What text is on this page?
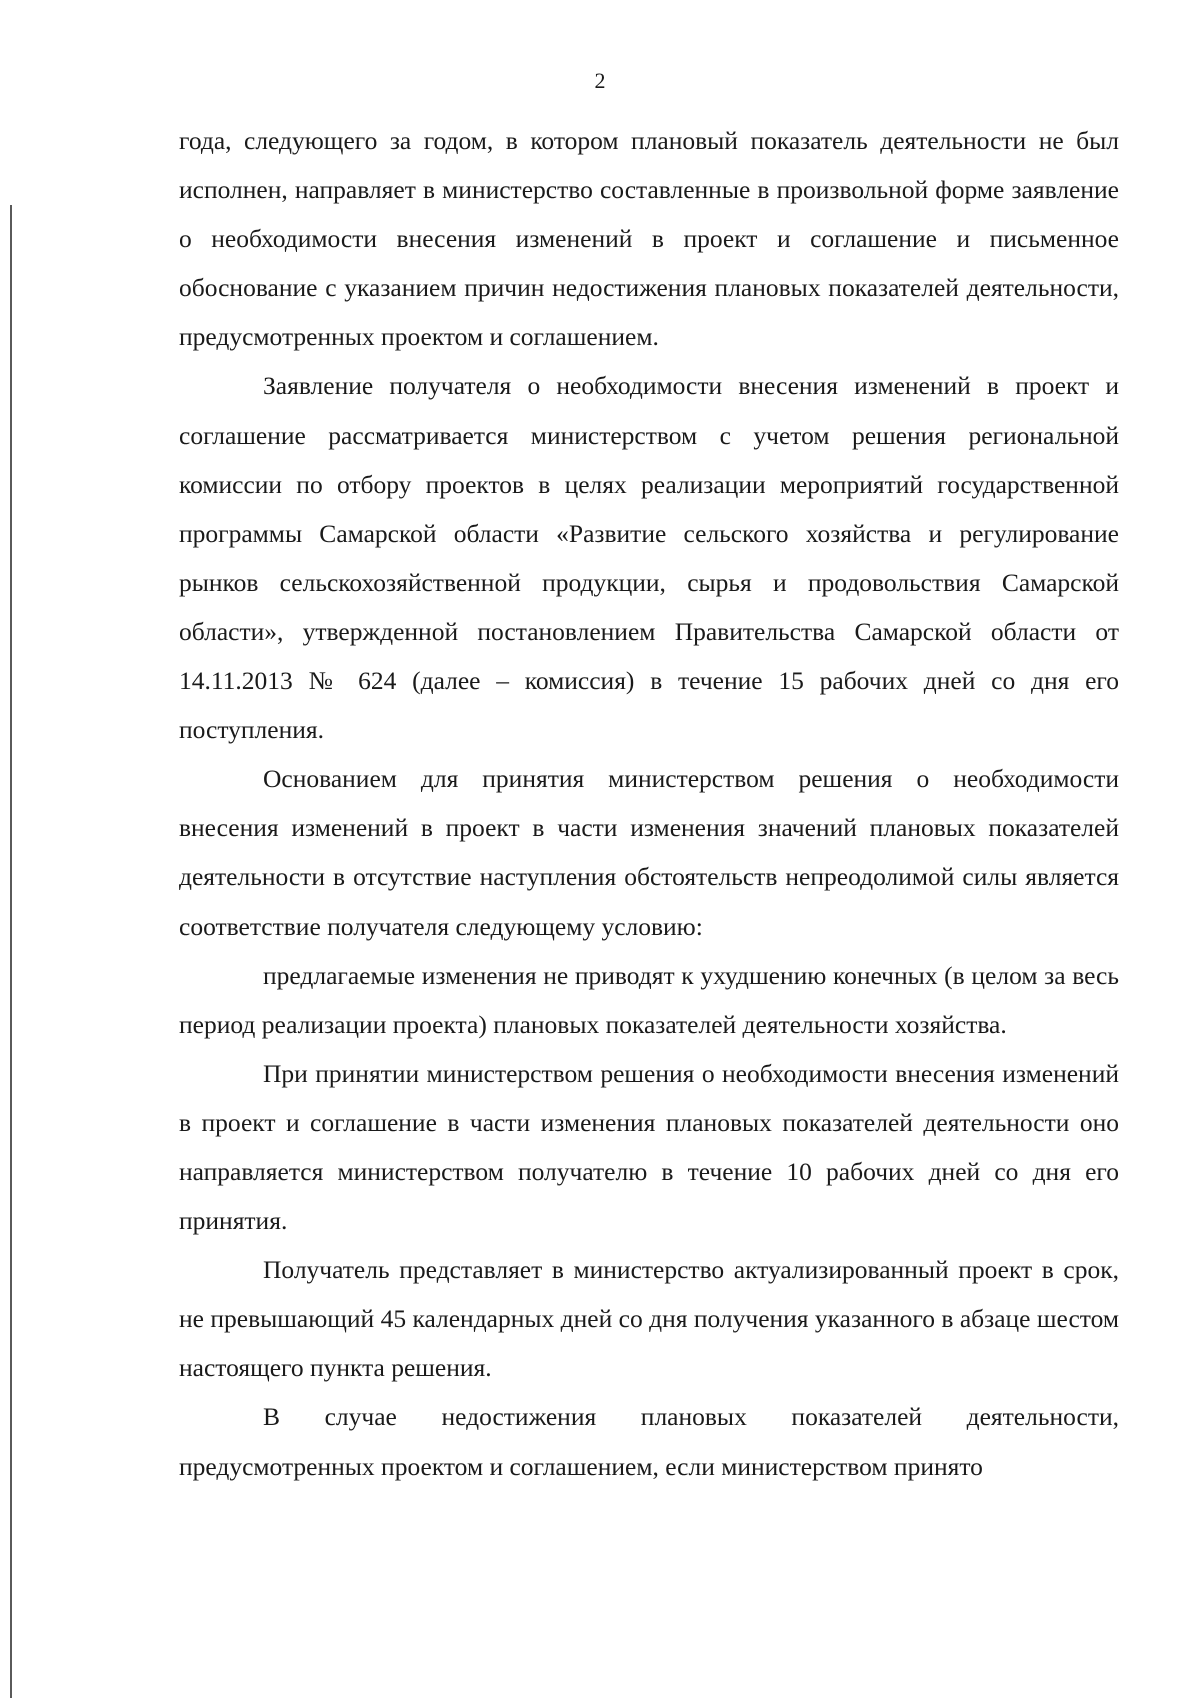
2

года, следующего за годом, в котором плановый показатель деятельности не был исполнен, направляет в министерство составленные в произвольной форме заявление о необходимости внесения изменений в проект и соглашение и письменное обоснование с указанием причин недостижения плановых показателей деятельности, предусмотренных проектом и соглашением.

Заявление получателя о необходимости внесения изменений в проект и соглашение рассматривается министерством с учетом решения региональной комиссии по отбору проектов в целях реализации мероприятий государственной программы Самарской области «Развитие сельского хозяйства и регулирование рынков сельскохозяйственной продукции, сырья и продовольствия Самарской области», утвержденной постановлением Правительства Самарской области от 14.11.2013 № 624 (далее – комиссия) в течение 15 рабочих дней со дня его поступления.

Основанием для принятия министерством решения о необходимости внесения изменений в проект в части изменения значений плановых показателей деятельности в отсутствие наступления обстоятельств непреодолимой силы является соответствие получателя следующему условию:

предлагаемые изменения не приводят к ухудшению конечных (в целом за весь период реализации проекта) плановых показателей деятельности хозяйства.

При принятии министерством решения о необходимости внесения изменений в проект и соглашение в части изменения плановых показателей деятельности оно направляется министерством получателю в течение 10 рабочих дней со дня его принятия.

Получатель представляет в министерство актуализированный проект в срок, не превышающий 45 календарных дней со дня получения указанного в абзаце шестом настоящего пункта решения.

В случае недостижения плановых показателей деятельности, предусмотренных проектом и соглашением, если министерством принято
